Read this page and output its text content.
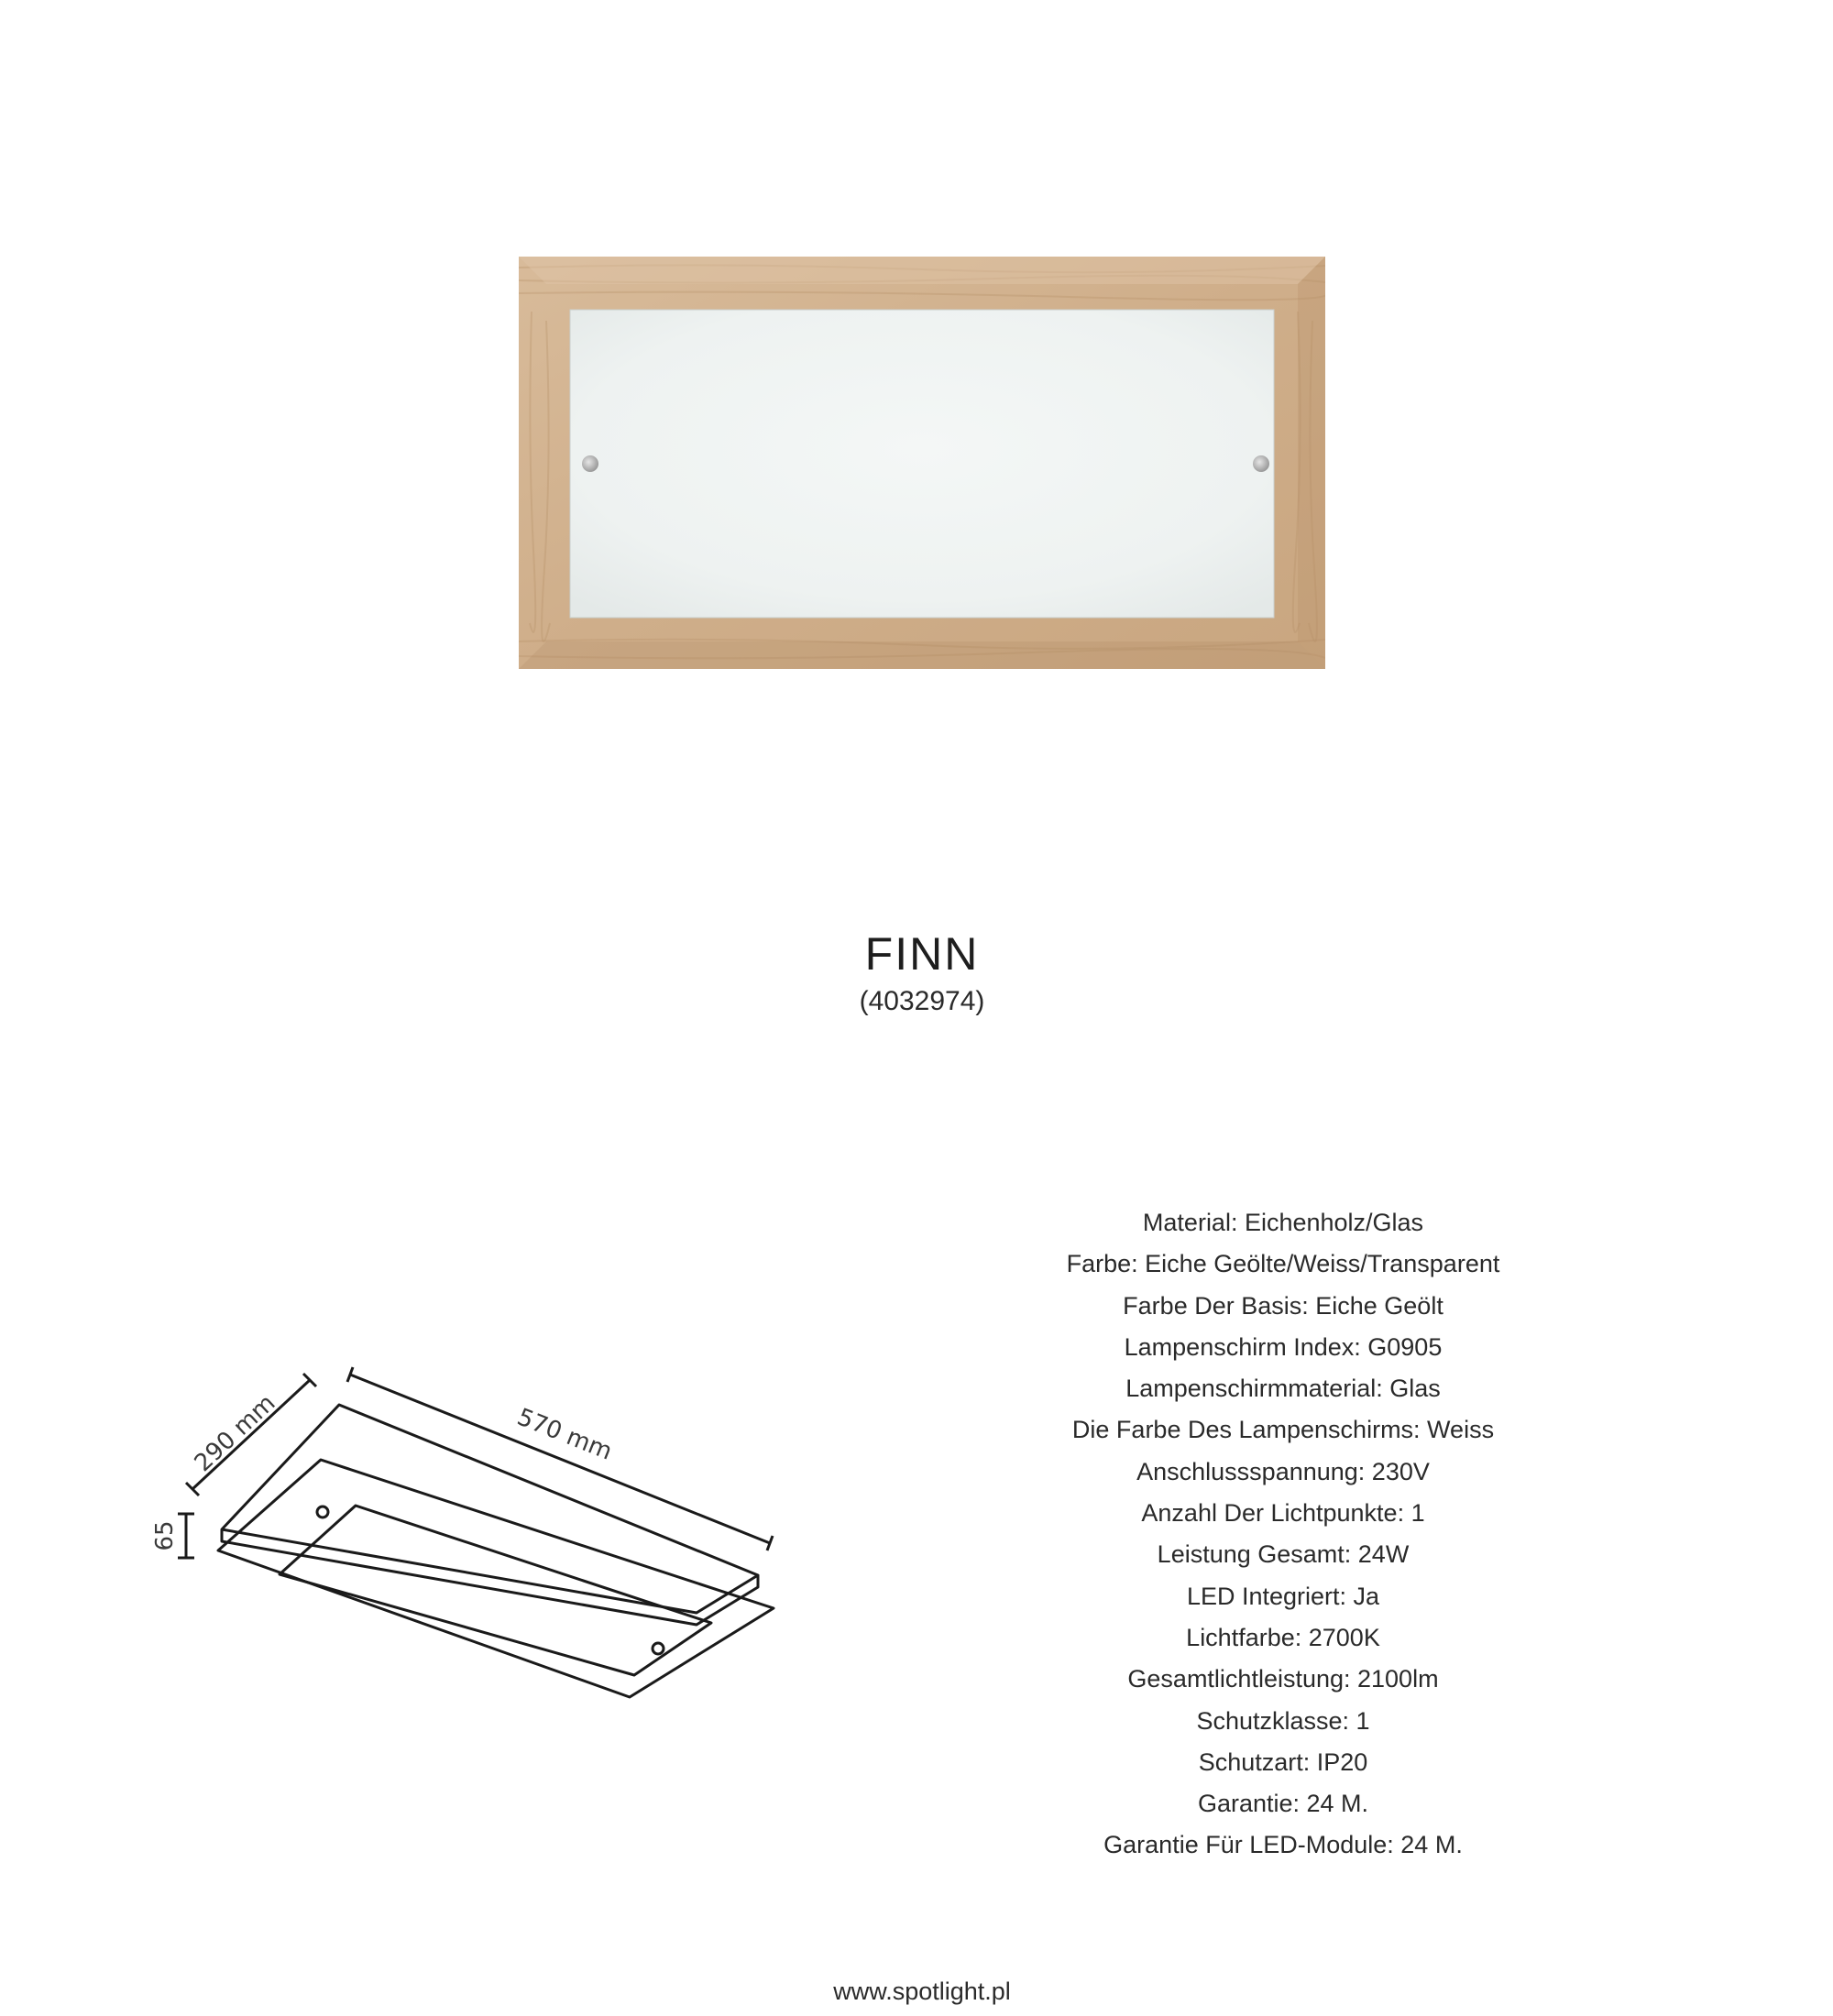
FINN
(4032974)
290 mm	570 mm
65
Material: Eichenholz/Glas
Farbe: Eiche Geölte/Weiss/Transparent
Farbe Der Basis: Eiche Geölt
Lampenschirm Index: G0905
Lampenschirmmaterial: Glas
Die Farbe Des Lampenschirms: Weiss
Anschlussspannung: 230V
Anzahl Der Lichtpunkte: 1
Leistung Gesamt: 24W
LED Integriert: Ja
Lichtfarbe: 2700K
Gesamtlichtleistung: 2100lm
Schutzklasse: 1
Schutzart: IP20
Garantie: 24 M.
Garantie Für LED-Module: 24 M.
www.spotlight.pl
